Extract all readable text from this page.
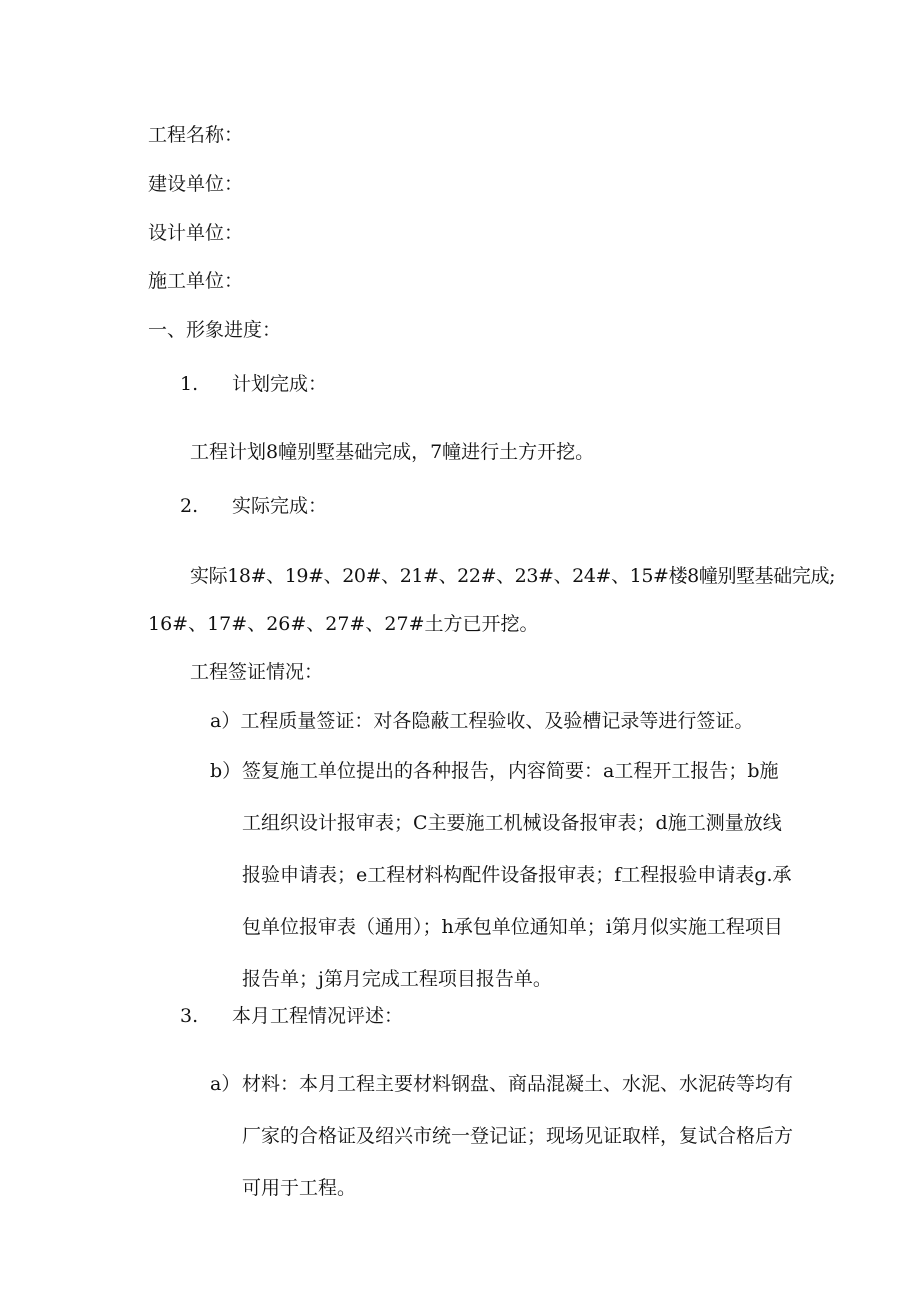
工程名称：
建设单位：
设计单位：
施工单位：
一、形象进度：
1. 计划完成：
工程计划8幢别墅基础完成，7幢进行土方开挖。
2. 实际完成：
实际18#、19#、20#、21#、22#、23#、24#、15#楼8幢别墅基础完成;
16#、17#、26#、27#、27#土方已开挖。
工程签证情况：
a）工程质量签证：对各隐蔽工程验收、及验槽记录等进行签证。
b） 签复施工单位提出的各种报告，内容简要：a工程开工报告；b施工组织设计报审表；C主要施工机械设备报审表；d施工测量放线报验申请表；e工程材料构配件设备报审表；f工程报验申请表g.承包单位报审表（通用）；h承包单位通知单；i第月似实施工程项目报告单；j第月完成工程项目报告单。
3. 本月工程情况评述：
a） 材料：本月工程主要材料钢盘、商品混凝土、水泥、水泥砖等均有厂家的合格证及绍兴市统一登记证；现场见证取样，复试合格后方可用于工程。
